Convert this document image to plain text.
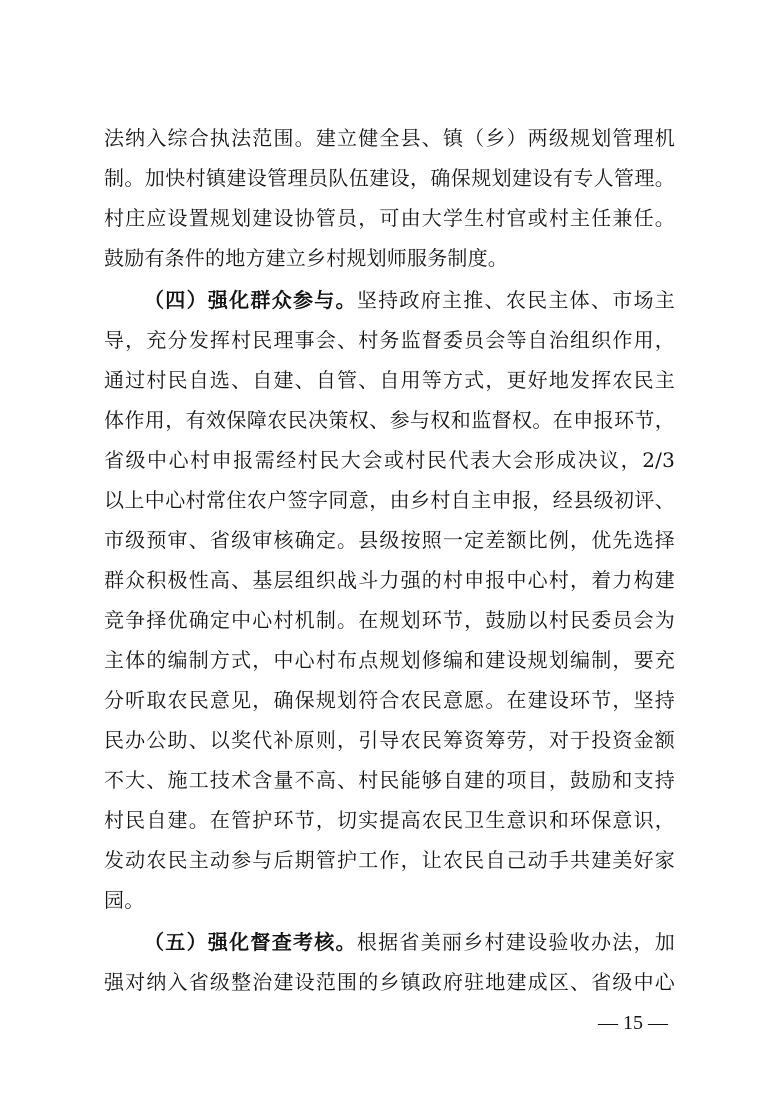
法纳入综合执法范围。建立健全县、镇（乡）两级规划管理机
制。加快村镇建设管理员队伍建设，确保规划建设有专人管理。
村庄应设置规划建设协管员，可由大学生村官或村主任兼任。
鼓励有条件的地方建立乡村规划师服务制度。
（四）强化群众参与。坚持政府主推、农民主体、市场主
导，充分发挥村民理事会、村务监督委员会等自治组织作用，
通过村民自选、自建、自管、自用等方式，更好地发挥农民主
体作用，有效保障农民决策权、参与权和监督权。在申报环节，
省级中心村申报需经村民大会或村民代表大会形成决议，2/3
以上中心村常住农户签字同意，由乡村自主申报，经县级初评、
市级预审、省级审核确定。县级按照一定差额比例，优先选择
群众积极性高、基层组织战斗力强的村申报中心村，着力构建
竞争择优确定中心村机制。在规划环节，鼓励以村民委员会为
主体的编制方式，中心村布点规划修编和建设规划编制，要充
分听取农民意见，确保规划符合农民意愿。在建设环节，坚持
民办公助、以奖代补原则，引导农民筹资筹劳，对于投资金额
不大、施工技术含量不高、村民能够自建的项目，鼓励和支持
村民自建。在管护环节，切实提高农民卫生意识和环保意识，
发动农民主动参与后期管护工作，让农民自己动手共建美好家
园。
（五）强化督查考核。根据省美丽乡村建设验收办法，加
强对纳入省级整治建设范围的乡镇政府驻地建成区、省级中心
— 15 —
